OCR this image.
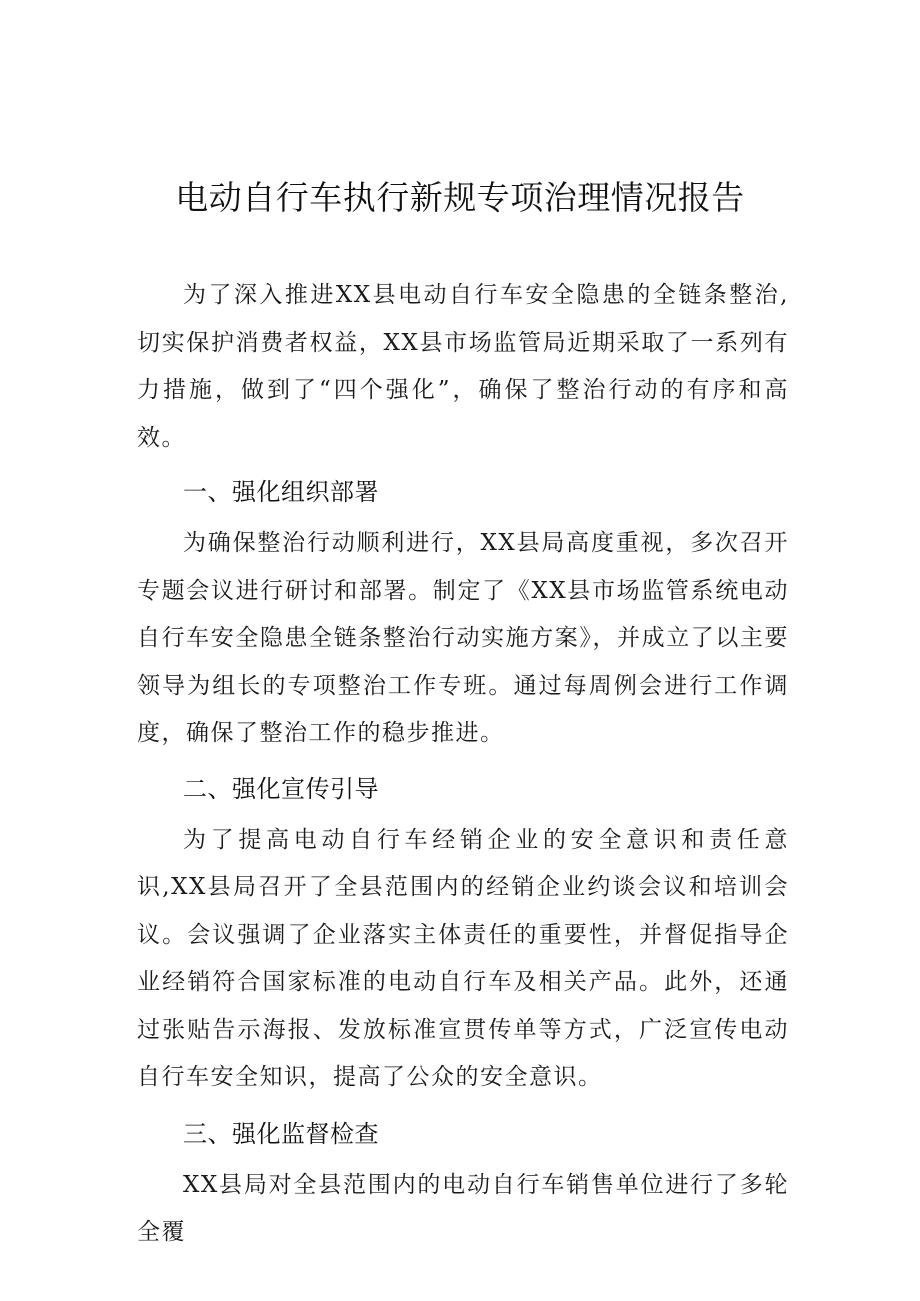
电动自行车执行新规专项治理情况报告

为了深入推进XX县电动自行车安全隐患的全链条整治,切实保护消费者权益，XX县市场监管局近期采取了一系列有力措施，做到了“四个强化”，确保了整治行动的有序和高效。

一、强化组织部署

为确保整治行动顺利进行，XX县局高度重视，多次召开专题会议进行研讨和部署。制定了《XX县市场监管系统电动自行车安全隐患全链条整治行动实施方案》，并成立了以主要领导为组长的专项整治工作专班。通过每周例会进行工作调度，确保了整治工作的稳步推进。

二、强化宣传引导

为了提高电动自行车经销企业的安全意识和责任意识,XX县局召开了全县范围内的经销企业约谈会议和培训会议。会议强调了企业落实主体责任的重要性，并督促指导企业经销符合国家标准的电动自行车及相关产品。此外，还通过张贴告示海报、发放标准宣贯传单等方式，广泛宣传电动自行车安全知识，提高了公众的安全意识。

三、强化监督检查

XX县局对全县范围内的电动自行车销售单位进行了多轮全覆
